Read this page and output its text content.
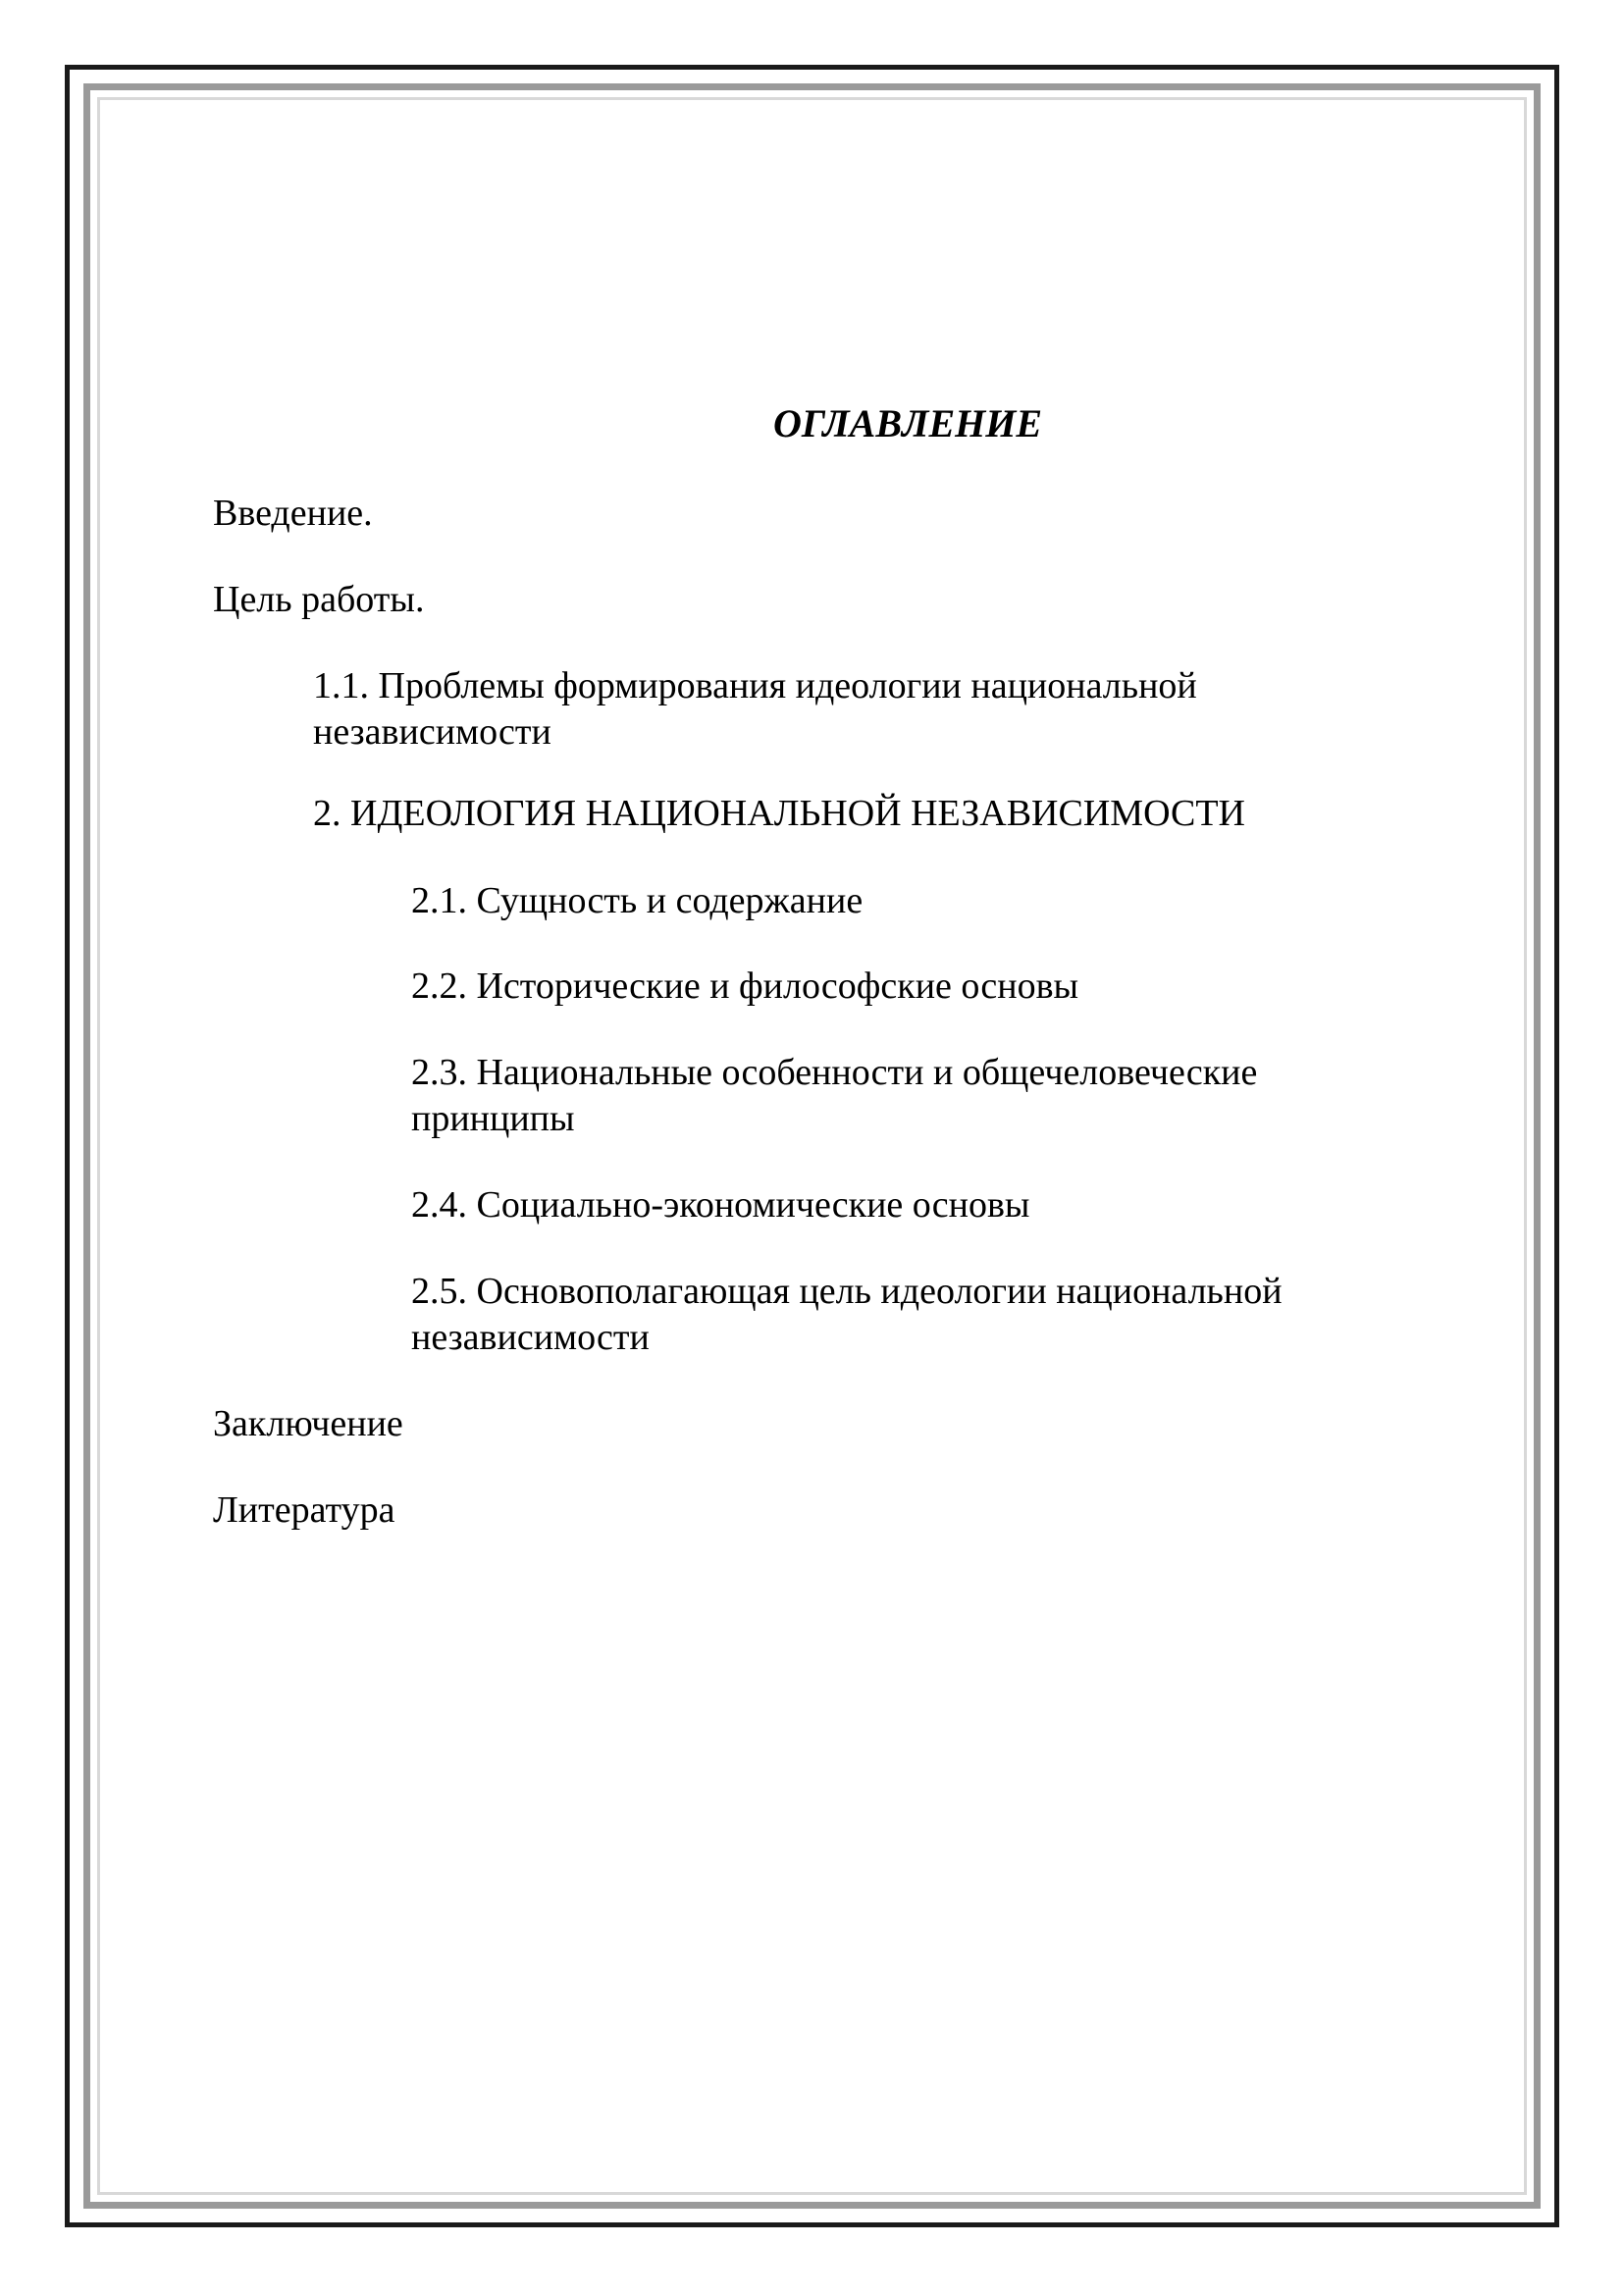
ОГЛАВЛЕНИЕ
Введение.
Цель работы.
1.1. Проблемы формирования идеологии национальной
независимости
2. ИДЕОЛОГИЯ НАЦИОНАЛЬНОЙ НЕЗАВИСИМОСТИ
2.1. Сущность и содержание
2.2. Исторические и философские основы
2.3. Национальные особенности и общечеловеческие
принципы
2.4. Социально-экономические основы
2.5. Основополагающая цель идеологии национальной
независимости
Заключение
Литература
